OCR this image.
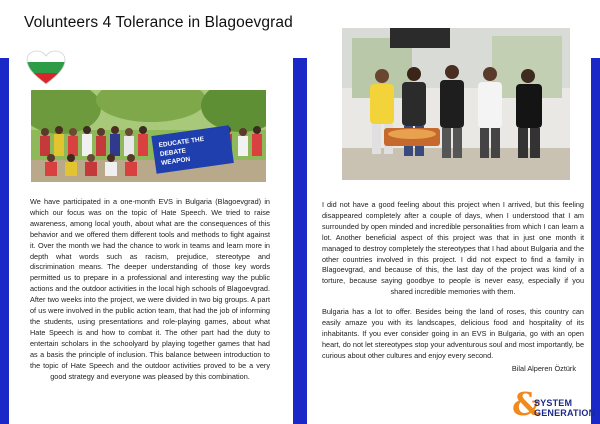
Volunteers 4 Tolerance in Blagoevgrad
EDUCATE THE
DEBATE
WEAPON

We have participated in a one-month EVS in Bulgaria (Blagoevgrad) in which our focus was on the topic of Hate Speech. We tried to raise awareness, among local youth, about what are the consequences of this behavior and we offered them different tools and methods to fight against it. Over the month we had the chance to work in teams and learn more in depth what words such as racism, prejudice, stereotype and discrimination means. The deeper understanding of those key words permitted us to prepare in a professional and interesting way the public actions and the outdoor activities in the local high schools of Blagoevgrad. After two weeks into the project, we were divided in two big groups. A part of us were involved in the public action team, that had the job of informing the students, using presentations and role-playing games, about what Hate Speech is and how to combat it. The other part had the duty to entertain scholars in the schoolyard by playing together games that had as a basis the principle of inclusion. This balance between introduction to the topic of Hate Speech and the outdoor activities proved to be a very good strategy and everyone was pleased by this combination.

I did not have a good feeling about this project when I arrived, but this feeling disappeared completely after a couple of days, when I understood that I am surrounded by open minded and incredible personalities from which I can learn a lot. Another beneficial aspect of this project was that in just one month it managed to destroy completely the stereotypes that I had about Bulgaria and the other countries involved in this project. I did not expect to find a family in Blagoevgrad, and because of this, the last day of the project was kind of a torture, because saying goodbye to people is never easy, especially if you shared incredible memories with them.

Bulgaria has a lot to offer. Besides being the land of roses, this country can easily amaze you with its landscapes, delicious food and hospitality of its inhabitants. If you ever consider going in an EVS in Bulgaria, go with an open heart, do not let stereotypes stop your adventurous soul and most importantly, be curious about other cultures and enjoy every second.

Bilal Alperen Öztürk

&
SYSTEM
GENERATION
